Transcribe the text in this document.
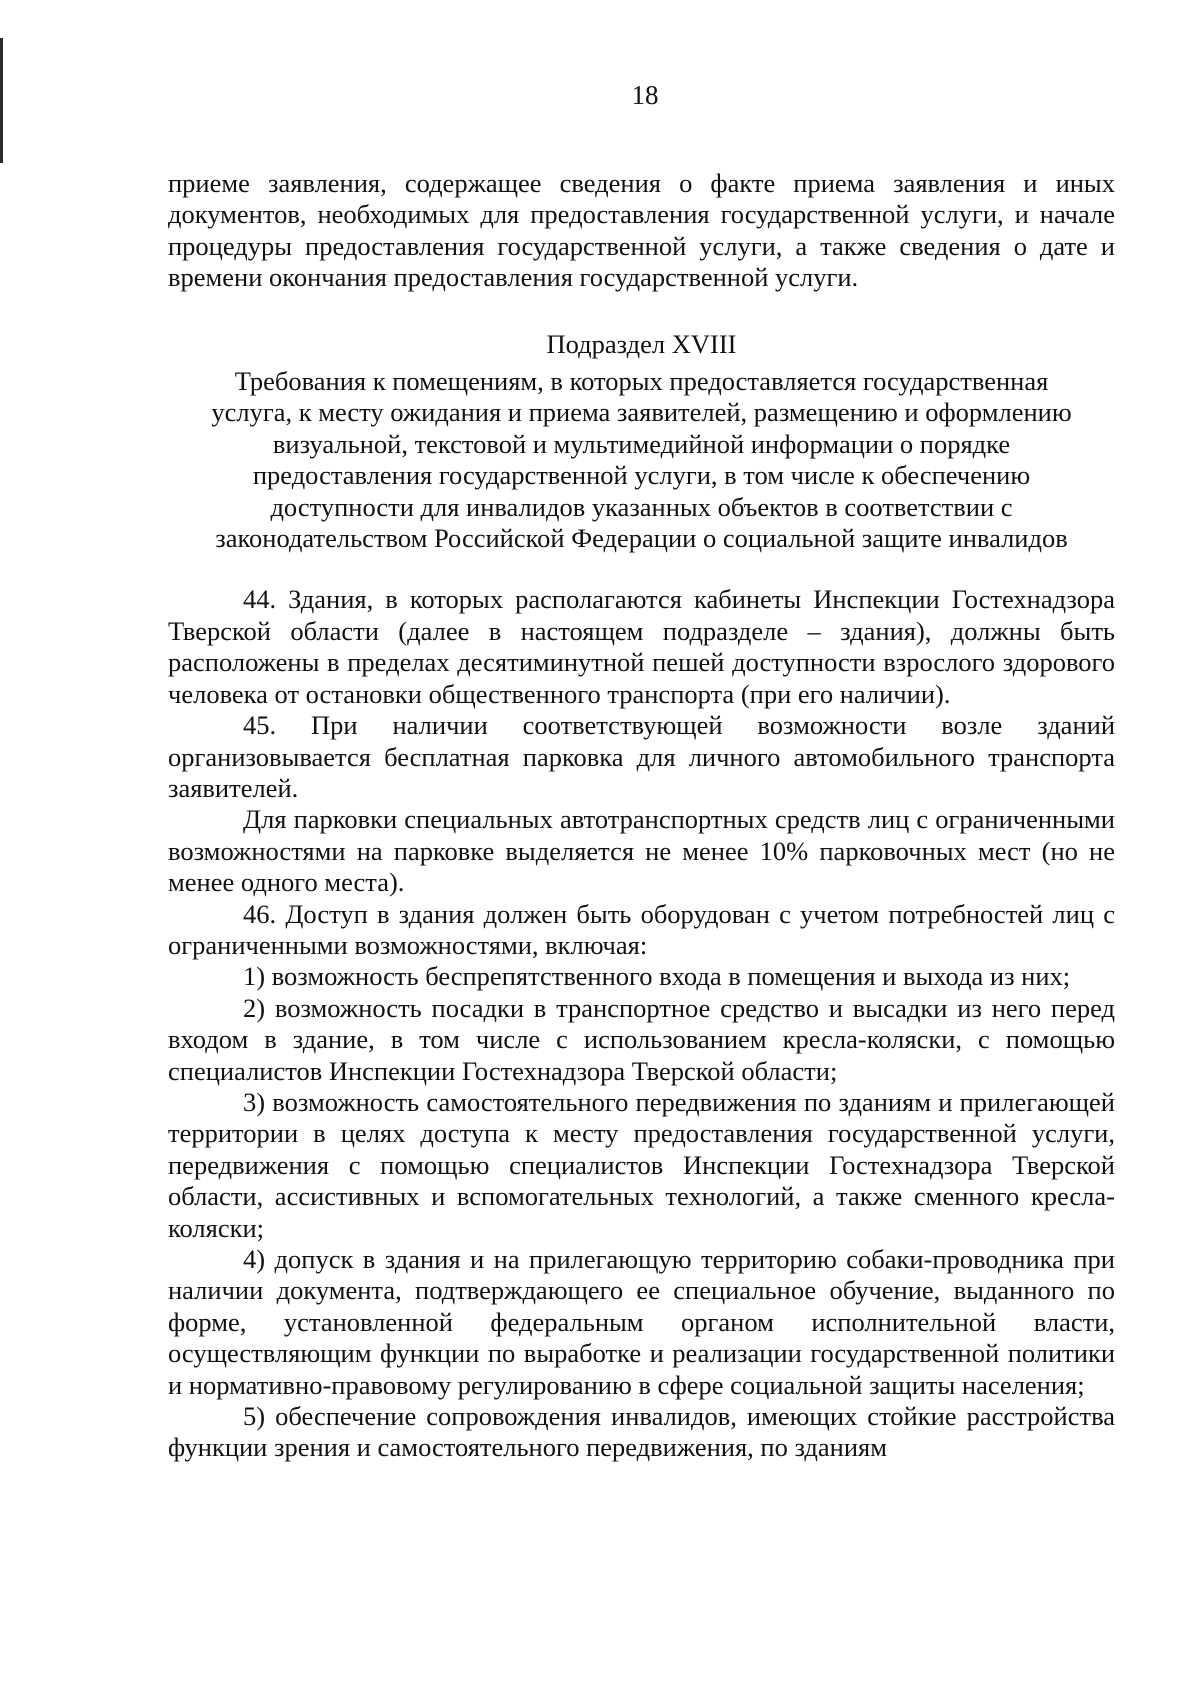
18

приеме заявления, содержащее сведения о факте приема заявления и иных документов, необходимых для предоставления государственной услуги, и начале процедуры предоставления государственной услуги, а также сведения о дате и времени окончания предоставления государственной услуги.

Подраздел XVIII
Требования к помещениям, в которых предоставляется государственная
услуга, к месту ожидания и приема заявителей, размещению и оформлению
визуальной, текстовой и мультимедийной информации о порядке
предоставления государственной услуги, в том числе к обеспечению
доступности для инвалидов указанных объектов в соответствии с
законодательством Российской Федерации о социальной защите инвалидов

44. Здания, в которых располагаются кабинеты Инспекции Гостехнадзора Тверской области (далее в настоящем подразделе – здания), должны быть расположены в пределах десятиминутной пешей доступности взрослого здорового человека от остановки общественного транспорта (при его наличии).

45. При наличии соответствующей возможности возле зданий организовывается бесплатная парковка для личного автомобильного транспорта заявителей.

Для парковки специальных автотранспортных средств лиц с ограниченными возможностями на парковке выделяется не менее 10% парковочных мест (но не менее одного места).

46. Доступ в здания должен быть оборудован с учетом потребностей лиц с ограниченными возможностями, включая:

1) возможность беспрепятственного входа в помещения и выхода из них;

2) возможность посадки в транспортное средство и высадки из него перед входом в здание, в том числе с использованием кресла-коляски, с помощью специалистов Инспекции Гостехнадзора Тверской области;

3) возможность самостоятельного передвижения по зданиям и прилегающей территории в целях доступа к месту предоставления государственной услуги, передвижения с помощью специалистов Инспекции Гостехнадзора Тверской области, ассистивных и вспомогательных технологий, а также сменного кресла-коляски;

4) допуск в здания и на прилегающую территорию собаки-проводника при наличии документа, подтверждающего ее специальное обучение, выданного по форме, установленной федеральным органом исполнительной власти, осуществляющим функции по выработке и реализации государственной политики и нормативно-правовому регулированию в сфере социальной защиты населения;

5) обеспечение сопровождения инвалидов, имеющих стойкие расстройства функции зрения и самостоятельного передвижения, по зданиям
